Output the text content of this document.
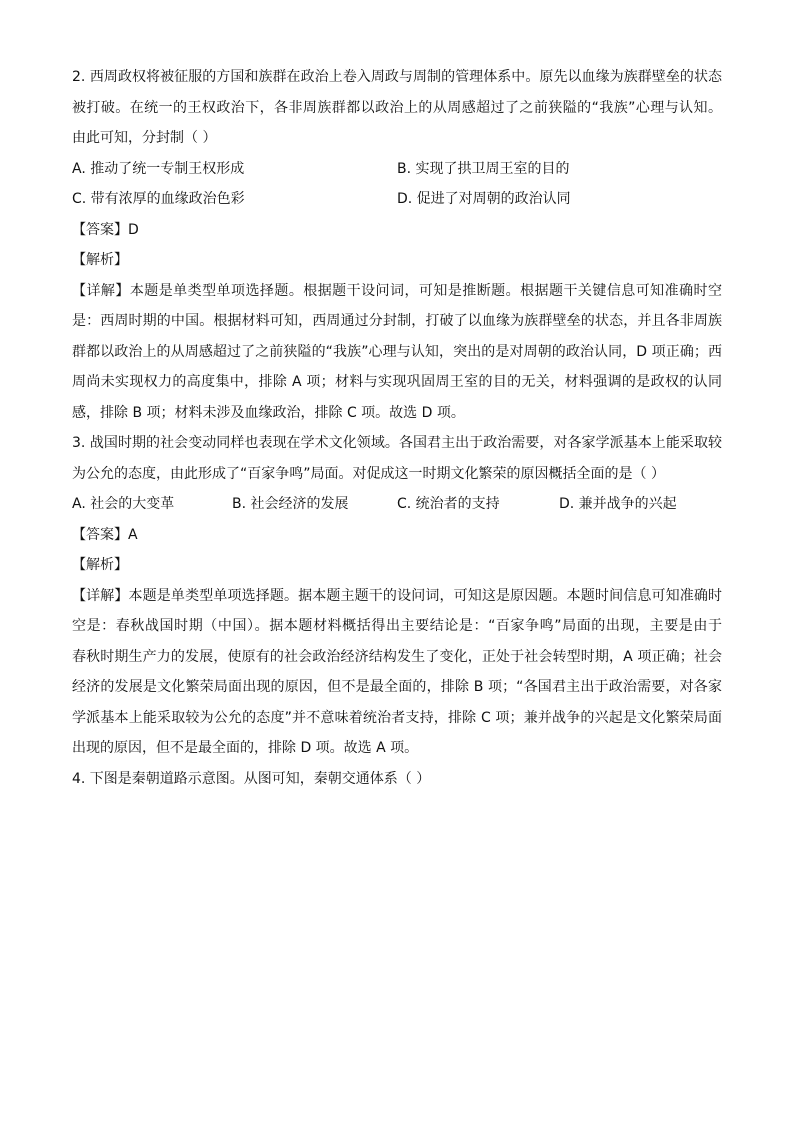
2. 西周政权将被征服的方国和族群在政治上卷入周政与周制的管理体系中。原先以血缘为族群壁垒的状态
被打破。在统一的王权政治下，各非周族群都以政治上的从周感超过了之前狭隘的“我族”心理与认知。
由此可知，分封制（ ）
A. 推动了统一专制王权形成	B. 实现了拱卫周王室的目的
C. 带有浓厚的血缘政治色彩	D. 促进了对周朝的政治认同
【答案】D
【解析】
【详解】本题是单类型单项选择题。根据题干设问词，可知是推断题。根据题干关键信息可知准确时空
是：西周时期的中国。根据材料可知，西周通过分封制，打破了以血缘为族群壁垒的状态，并且各非周族
群都以政治上的从周感超过了之前狭隘的“我族”心理与认知，突出的是对周朝的政治认同，D 项正确；西
周尚未实现权力的高度集中，排除 A 项；材料与实现巩固周王室的目的无关，材料强调的是政权的认同
感，排除 B 项；材料未涉及血缘政治，排除 C 项。故选 D 项。
3. 战国时期的社会变动同样也表现在学术文化领域。各国君主出于政治需要，对各家学派基本上能采取较
为公允的态度，由此形成了“百家争鸣”局面。对促成这一时期文化繁荣的原因概括全面的是（ ）
A. 社会的大变革	B. 社会经济的发展	C. 统治者的支持	D. 兼并战争的兴起
【答案】A
【解析】
【详解】本题是单类型单项选择题。据本题主题干的设问词，可知这是原因题。本题时间信息可知准确时
空是：春秋战国时期（中国）。据本题材料概括得出主要结论是：“百家争鸣”局面的出现，主要是由于
春秋时期生产力的发展，使原有的社会政治经济结构发生了变化，正处于社会转型时期，A 项正确；社会
经济的发展是文化繁荣局面出现的原因，但不是最全面的，排除 B 项；“各国君主出于政治需要，对各家
学派基本上能采取较为公允的态度”并不意味着统治者支持，排除 C 项；兼并战争的兴起是文化繁荣局面
出现的原因，但不是最全面的，排除 D 项。故选 A 项。
4. 下图是秦朝道路示意图。从图可知，秦朝交通体系（ ）
